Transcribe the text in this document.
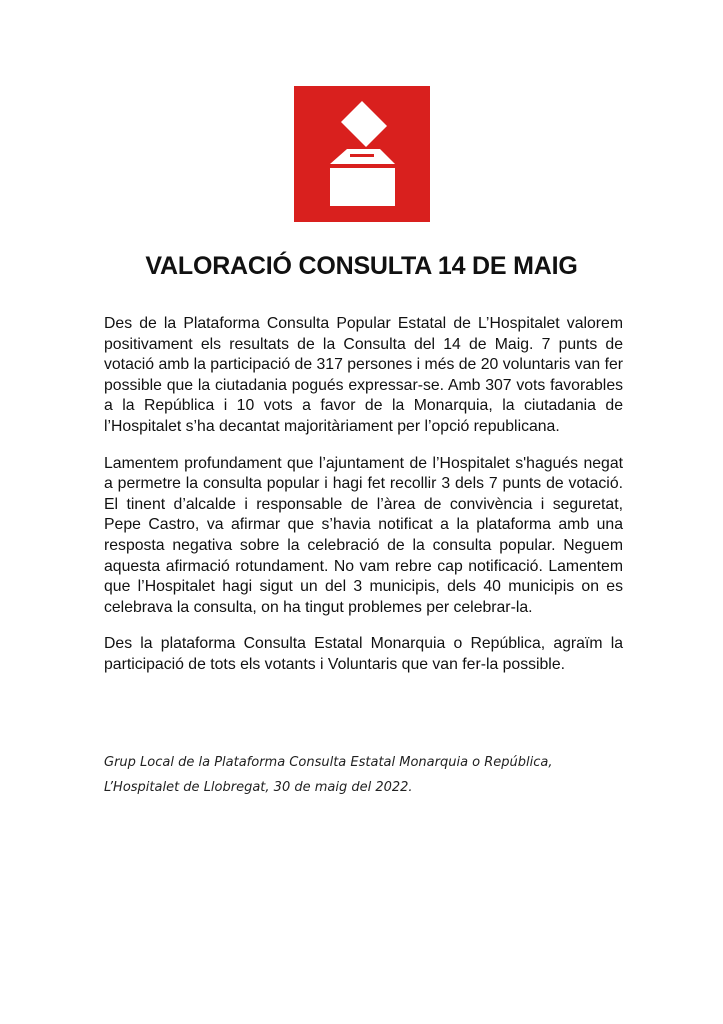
VALORACIÓ CONSULTA 14 DE MAIG

Des de la Plataforma Consulta Popular Estatal de L’Hospitalet valorem positivament els resultats de la Consulta del 14 de Maig. 7 punts de votació amb la participació de 317 persones i més de 20 voluntaris van fer possible que la ciutadania pogués expressar-se. Amb 307 vots favorables a la República i 10 vots a favor de la Monarquia, la ciutadania de l’Hospitalet s’ha decantat majoritàriament per l’opció republicana.

Lamentem profundament que l’ajuntament de l’Hospitalet s'hagués negat a permetre la consulta popular i hagi fet recollir 3 dels 7 punts de votació. El tinent d’alcalde i responsable de l’àrea de convivència i seguretat, Pepe Castro, va afirmar que s’havia notificat a la plataforma amb una resposta negativa sobre la celebració de la consulta popular. Neguem aquesta afirmació rotundament. No vam rebre cap notificació. Lamentem que l’Hospitalet hagi sigut un del 3 municipis, dels 40 municipis on es celebrava la consulta, on ha tingut problemes per celebrar-la.

Des la plataforma Consulta Estatal Monarquia o República, agraïm la participació de tots els votants i Voluntaris que van fer-la possible.

Grup Local de la Plataforma Consulta Estatal Monarquia o República,
L’Hospitalet de Llobregat, 30 de maig del 2022.
